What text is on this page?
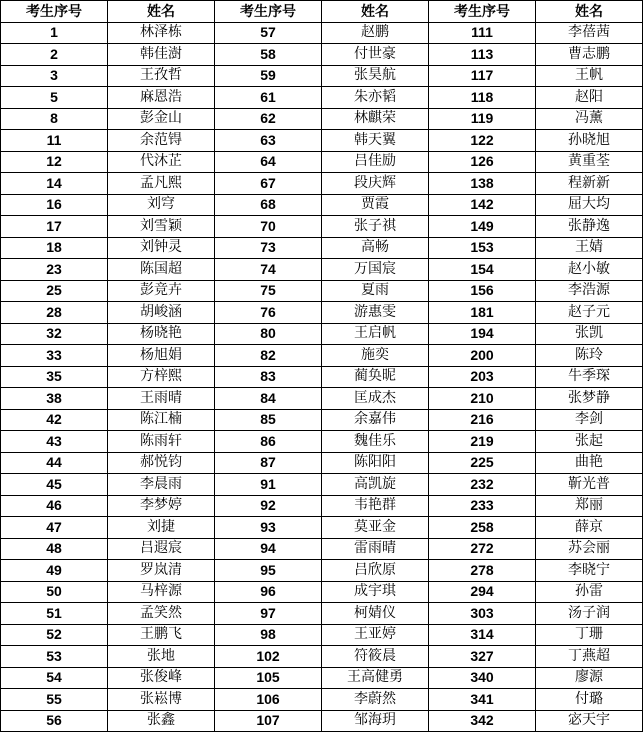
考生序号	姓名	考生序号	姓名	考生序号	姓名
1	林泽栋	57	赵鹏	111	李蓓茜
2	韩佳澍	58	付世豪	113	曹志鹏
3	王孜哲	59	张昊航	117	王帆
5	麻恩浩	61	朱亦韬	118	赵阳
8	彭金山	62	林麒荣	119	冯薰
11	余范锝	63	韩天翼	122	孙晓旭
12	代沐芷	64	吕佳励	126	黄重荃
14	孟凡熙	67	段庆辉	138	程新新
16	刘穹	68	贾霞	142	屈大均
17	刘雪颖	70	张子祺	149	张静逸
18	刘钟灵	73	高畅	153	王婧
23	陈国超	74	万国宸	154	赵小敏
25	彭竞卉	75	夏雨	156	李浩源
28	胡峻涵	76	游惠雯	181	赵子元
32	杨晓艳	80	王启帆	194	张凯
33	杨旭娟	82	施奕	200	陈玲
35	方梓熙	83	蔺奂昵	203	牛季琛
38	王雨晴	84	匡成杰	210	张梦静
42	陈江楠	85	余嘉伟	216	李剑
43	陈雨轩	86	魏佳乐	219	张起
44	郝悦钧	87	陈阳阳	225	曲艳
45	李晨雨	91	高凯旋	232	靳光普
46	李梦婷	92	韦艳群	233	郑丽
47	刘捷	93	莫亚金	258	薛京
48	吕遐宸	94	雷雨晴	272	苏会丽
49	罗岚清	95	吕欣原	278	李晓宁
50	马梓源	96	成宇琪	294	孙雷
51	孟笑然	97	柯婧仪	303	汤子润
52	王鹏飞	98	王亚婷	314	丁珊
53	张地	102	符筱晨	327	丁燕超
54	张俊峰	105	王高健勇	340	廖源
55	张崧博	106	李蔚然	341	付璐
56	张鑫	107	邹海玥	342	宓天宇
